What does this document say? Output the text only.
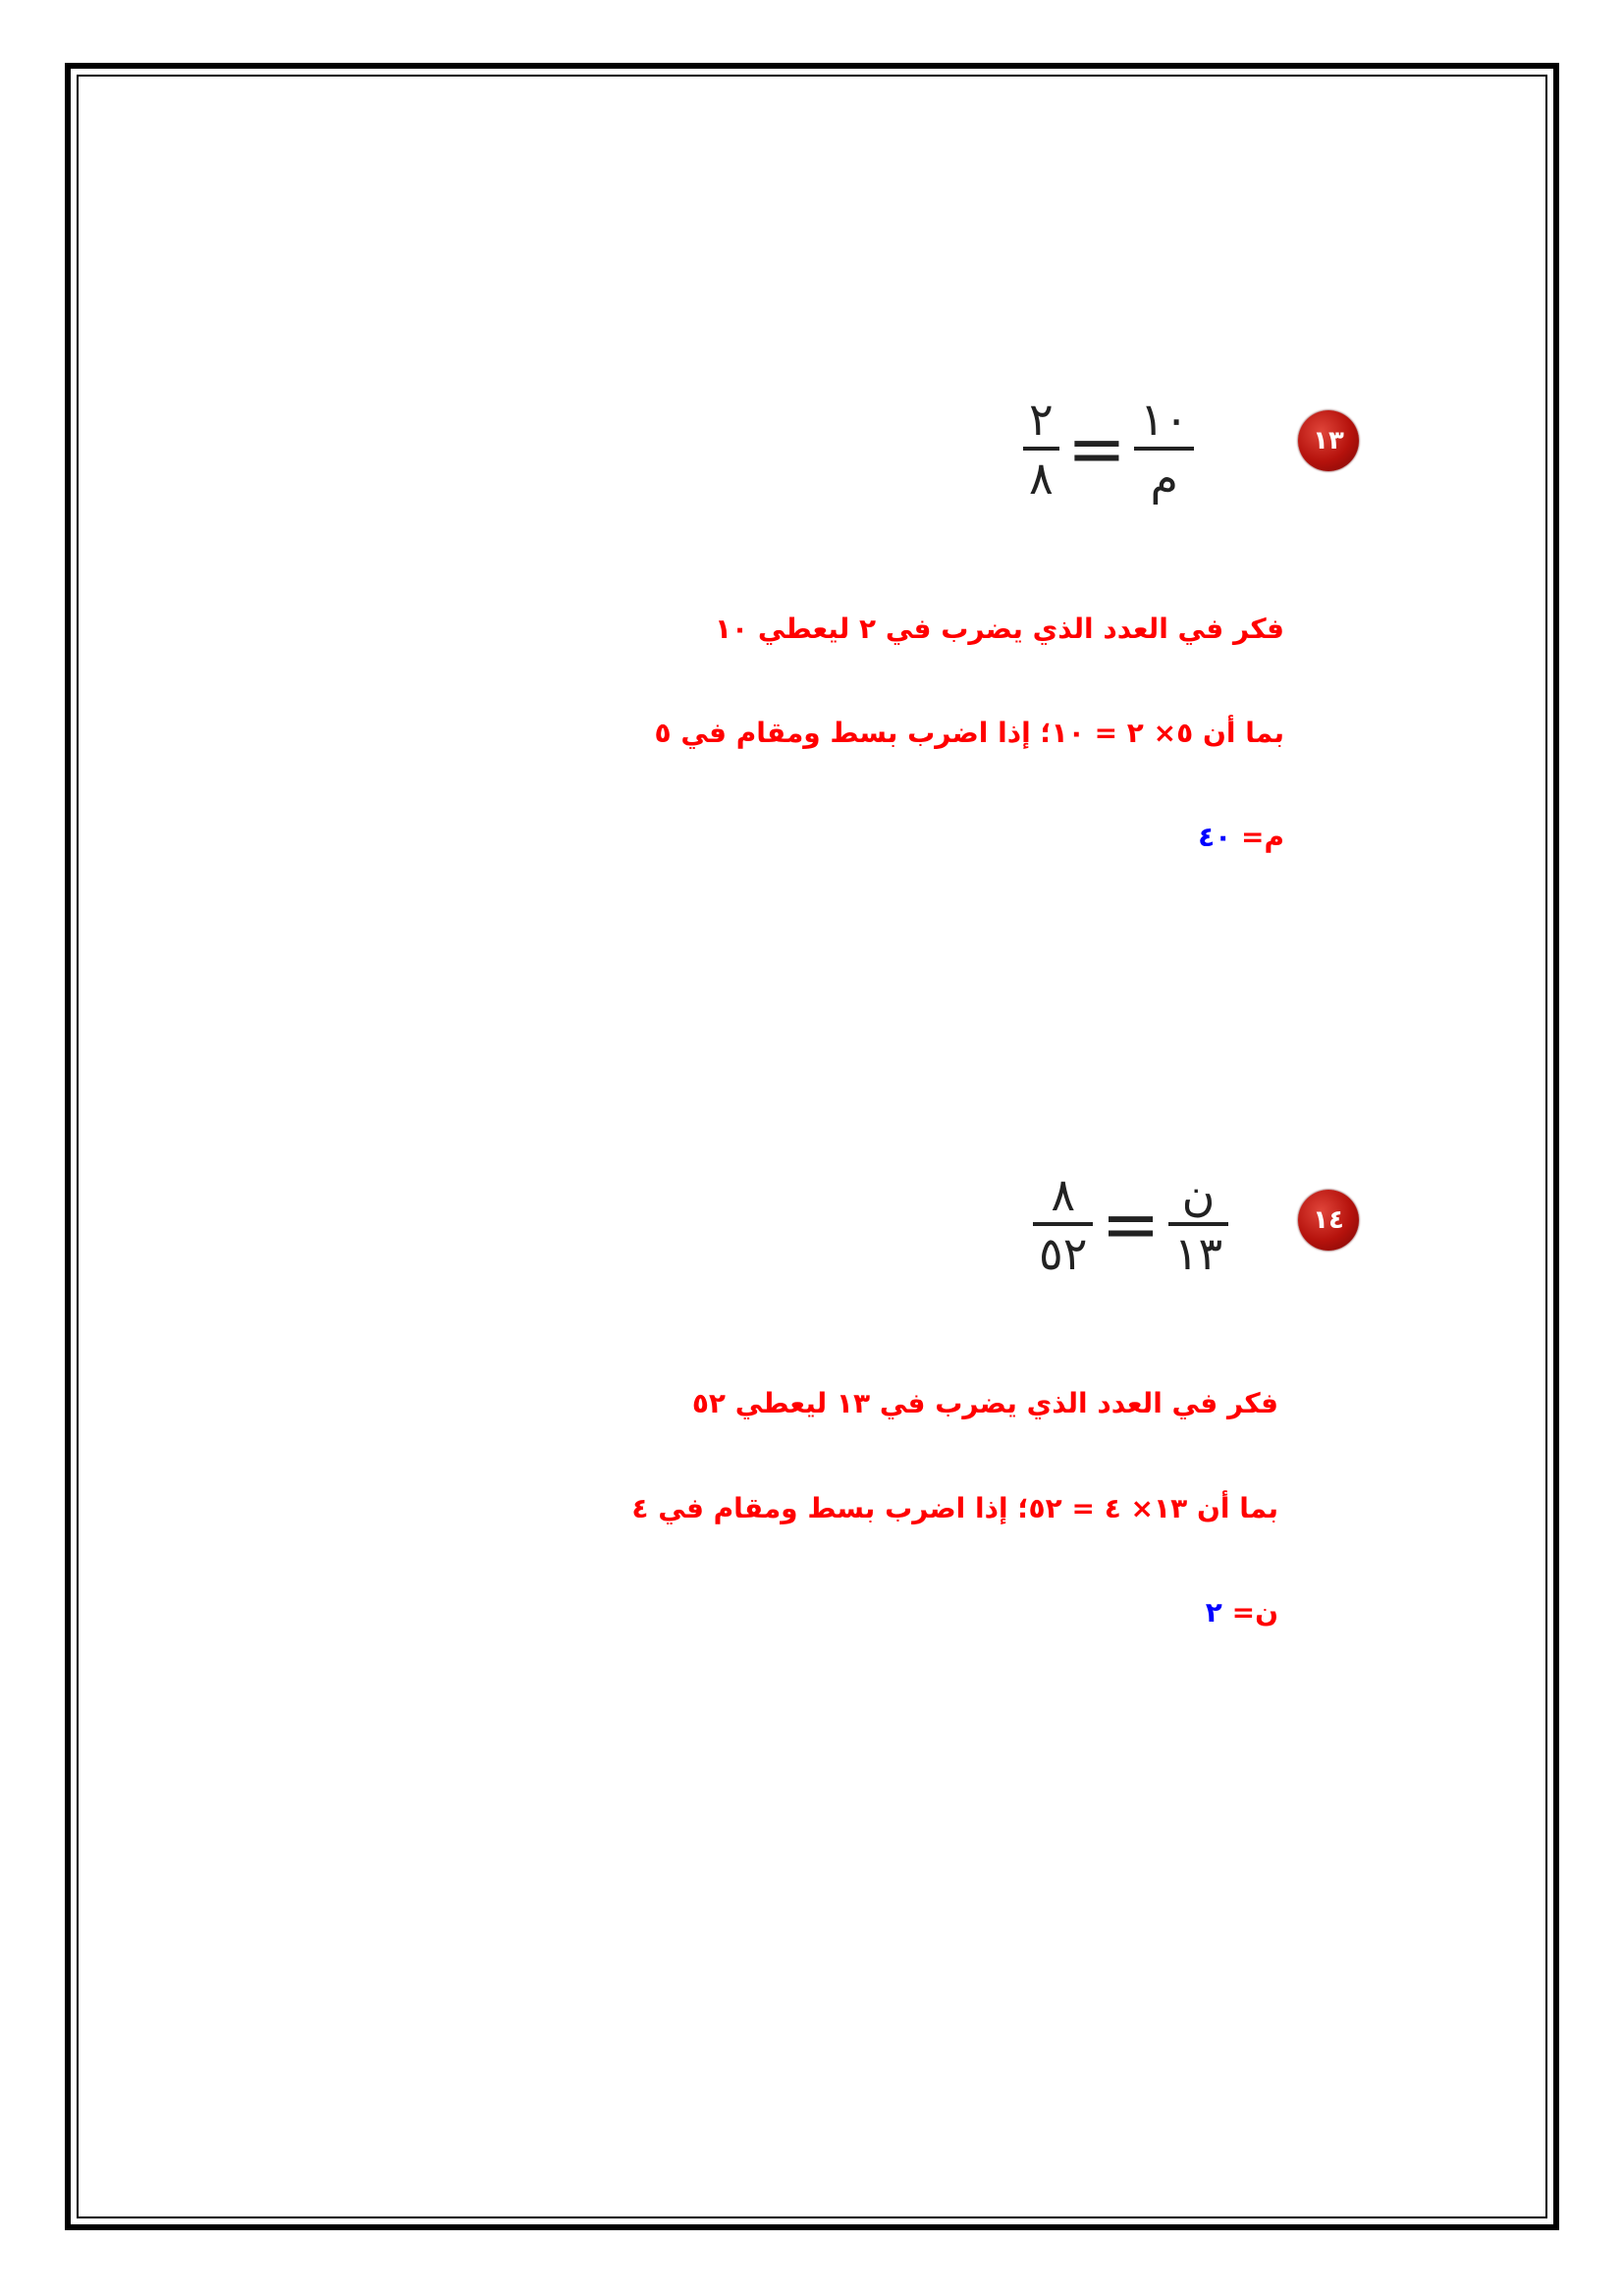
$\frac{٢}{٨} = \frac{١٠}{\text{م}}$	١٣
فكر في العدد الذي يضرب في ٢ ليعطي ١٠
بما أن ٥× ٢ = ١٠؛ إذا اضرب بسط ومقام في ٥
م= ٤٠
$\frac{٨}{٥٢} = \frac{\text{ن}}{١٣}$	١٤
فكر في العدد الذي يضرب في ١٣ ليعطي ٥٢
بما أن ١٣× ٤ = ٥٢؛ إذا اضرب بسط ومقام في ٤
ن= ٢
